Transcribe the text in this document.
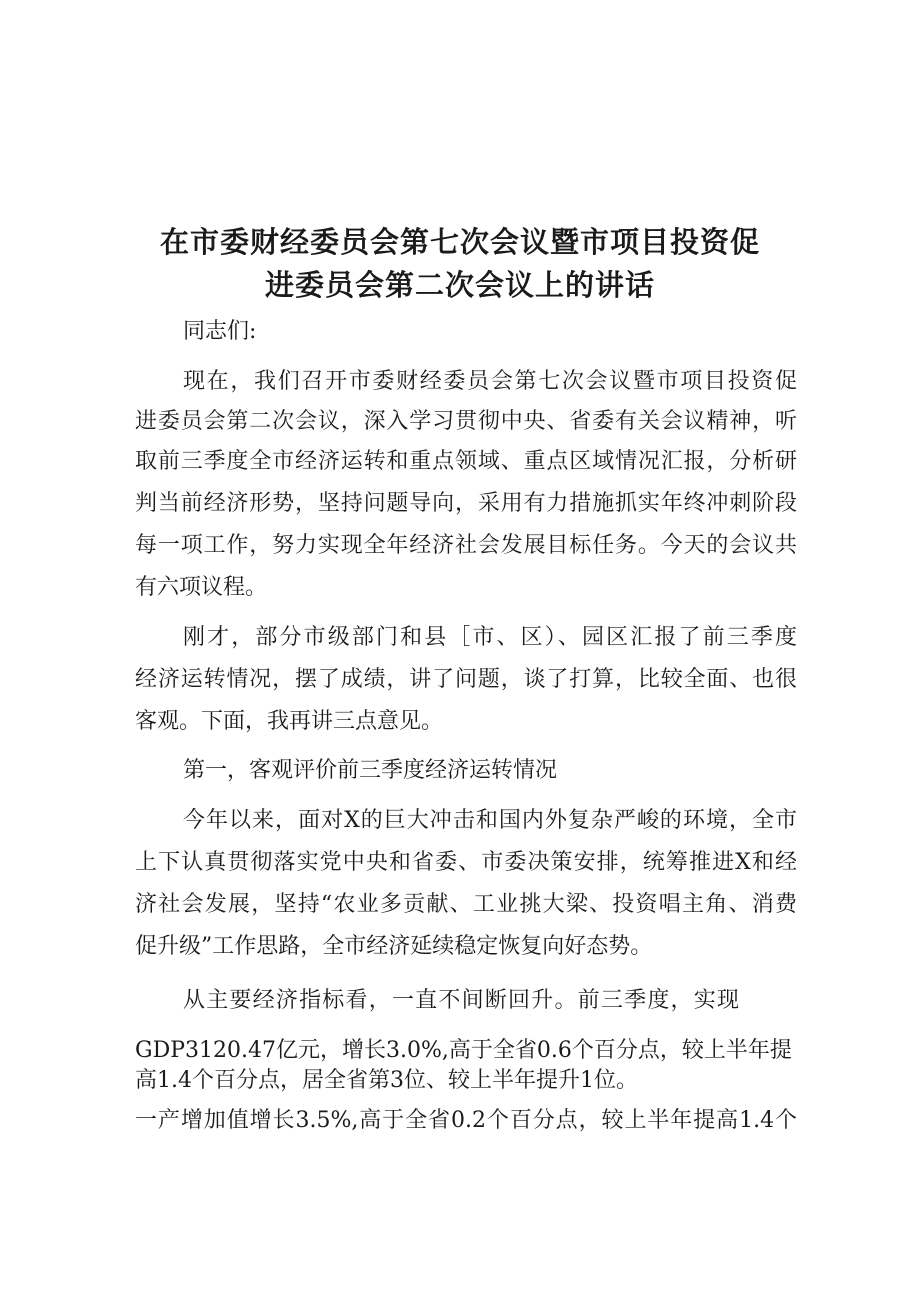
在市委财经委员会第七次会议暨市项目投资促
进委员会第二次会议上的讲话
同志们:
现在，我们召开市委财经委员会第七次会议暨市项目投资促
进委员会第二次会议，深入学习贯彻中央、省委有关会议精神，听
取前三季度全市经济运转和重点领域、重点区域情况汇报，分析研
判当前经济形势，坚持问题导向，采用有力措施抓实年终冲刺阶段
每一项工作，努力实现全年经济社会发展目标任务。今天的会议共
有六项议程。
刚才，部分市级部门和县［市、区）、园区汇报了前三季度
经济运转情况，摆了成绩，讲了问题，谈了打算，比较全面、也很
客观。下面，我再讲三点意见。
第一，客观评价前三季度经济运转情况
今年以来，面对X的巨大冲击和国内外复杂严峻的环境，全市
上下认真贯彻落实党中央和省委、市委决策安排，统筹推进X和经
济社会发展，坚持“农业多贡献、工业挑大梁、投资唱主角、消费
促升级”工作思路，全市经济延续稳定恢复向好态势。
从主要经济指标看，一直不间断回升。前三季度，实现
GDP3120.47亿元，增长3.0%,高于全省0.6个百分点，较上半年提
高1.4个百分点，居全省第3位、较上半年提升1位。
一产增加值增长3.5%,高于全省0.2个百分点，较上半年提高1.4个
